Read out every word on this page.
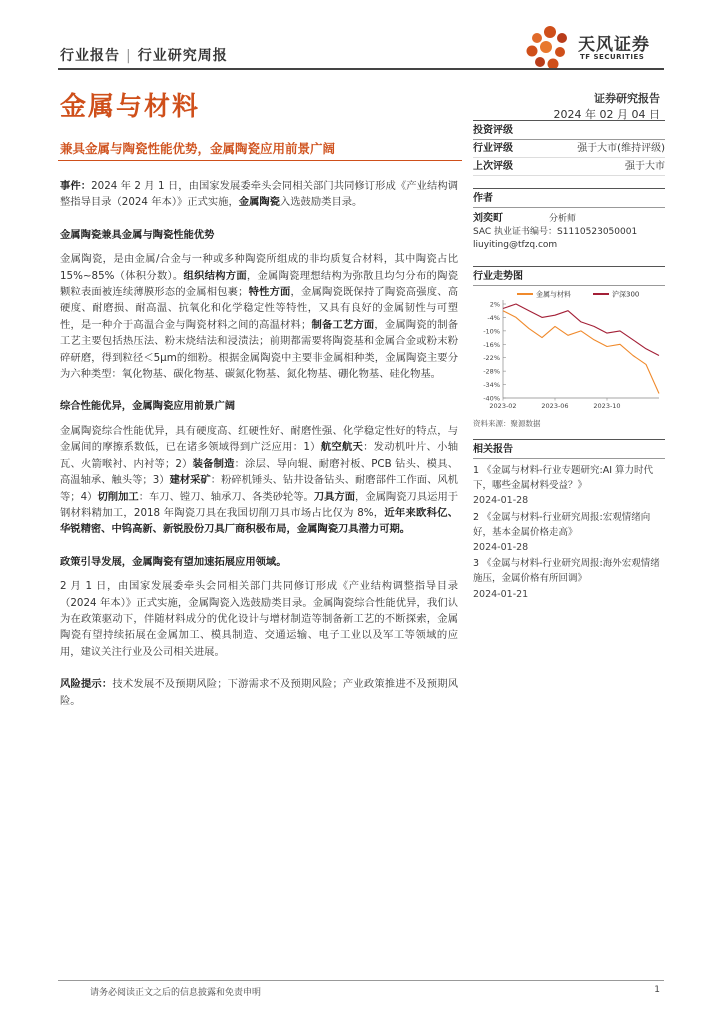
行业报告 | 行业研究周报
天风证券
TF SECURITIES
金属与材料	证券研究报告
2024 年 02 月 04 日
兼具金属与陶瓷性能优势，金属陶瓷应用前景广阔
事件：2024 年 2 月 1 日，由国家发展委牵头会同相关部门共同修订形成《产业结构调整指导目录（2024 年本）》正式实施，金属陶瓷入选鼓励类目录。
金属陶瓷兼具金属与陶瓷性能优势
金属陶瓷，是由金属/合金与一种或多种陶瓷所组成的非均质复合材料，其中陶瓷占比 15%~85%（体积分数）。组织结构方面，金属陶瓷理想结构为弥散且均匀分布的陶瓷颗粒表面被连续薄膜形态的金属相包裹；特性方面，金属陶瓷既保持了陶瓷高强度、高硬度、耐磨损、耐高温、抗氧化和化学稳定性等特性，又具有良好的金属韧性与可塑性，是一种介于高温合金与陶瓷材料之间的高温材料；制备工艺方面，金属陶瓷的制备工艺主要包括热压法、粉末烧结法和浸渍法；前期都需要将陶瓷基和金属合金或粉末粉碎研磨，得到粒径＜5μm的细粉。根据金属陶瓷中主要非金属相种类，金属陶瓷主要分为六种类型：氧化物基、碳化物基、碳氮化物基、氮化物基、硼化物基、硅化物基。
综合性能优异，金属陶瓷应用前景广阔
金属陶瓷综合性能优异，具有硬度高、红硬性好、耐磨性强、化学稳定性好的特点，与金属间的摩擦系数低，已在诸多领域得到广泛应用：1）航空航天：发动机叶片、小轴瓦、火箭喉衬、内衬等；2）装备制造：涂层、导向辊、耐磨衬板、PCB 钻头、模具、高温轴承、触头等；3）建材采矿：粉碎机锤头、钻井设备钻头、耐磨部件工作面、风机等；4）切削加工：车刀、镗刀、轴承刀、各类砂轮等。刀具方面，金属陶瓷刀具运用于钢材料精加工，2018 年陶瓷刀具在我国切削刀具市场占比仅为 8%，近年来欧科亿、华锐精密、中钨高新、新锐股份刀具厂商积极布局，金属陶瓷刀具潜力可期。
政策引导发展，金属陶瓷有望加速拓展应用领域。
2 月 1 日，由国家发展委牵头会同相关部门共同修订形成《产业结构调整指导目录（2024 年本）》正式实施，金属陶瓷入选鼓励类目录。金属陶瓷综合性能优异，我们认为在政策驱动下，伴随材料成分的优化设计与增材制造等制备新工艺的不断探索，金属陶瓷有望持续拓展在金属加工、模具制造、交通运输、电子工业以及军工等领域的应用，建议关注行业及公司相关进展。
风险提示：技术发展不及预期风险；下游需求不及预期风险；产业政策推进不及预期风险。
投资评级
行业评级	强于大市(维持评级)
上次评级	强于大市
作者
刘奕町	分析师
SAC 执业证书编号：S1110523050001
liuyiting@tfzq.com
行业走势图
-40%
-34%
-28%
-22%
-16%
-10%
-4%
2%
2023-02	2023-06	2023-10
金属与材料	沪深300
资料来源：聚源数据
相关报告
1 《金属与材料-行业专题研究:AI 算力时代下，哪些金属材料受益？》
2024-01-28
2 《金属与材料-行业研究周报:宏观情绪向好，基本金属价格走高》
2024-01-28
3 《金属与材料-行业研究周报:海外宏观情绪施压，金属价格有所回调》
2024-01-21
请务必阅读正文之后的信息披露和免责申明	1
